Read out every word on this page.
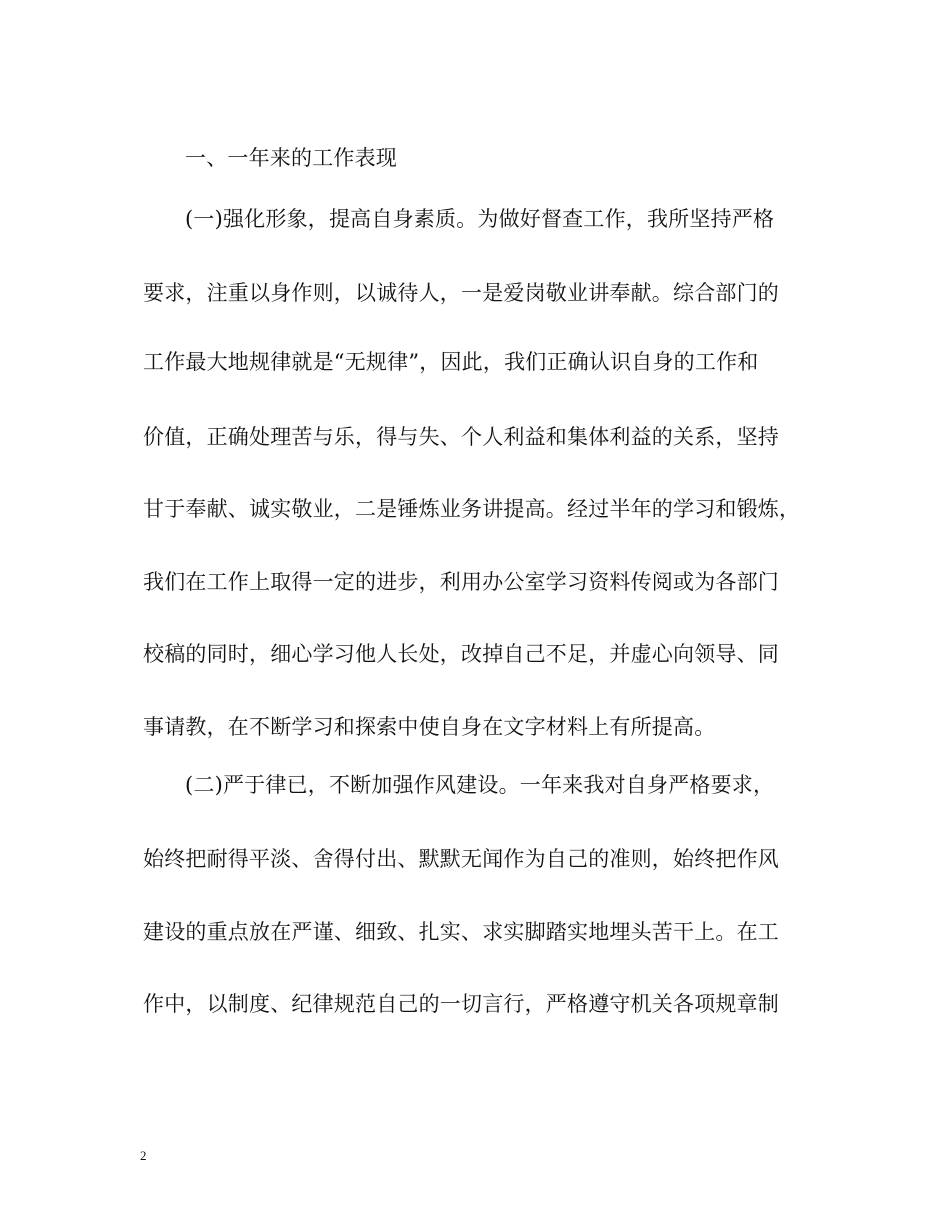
一、一年来的工作表现
(一)强化形象，提高自身素质。为做好督查工作，我所坚持严格
要求，注重以身作则，以诚待人，一是爱岗敬业讲奉献。综合部门的
工作最大地规律就是“无规律”，因此，我们正确认识自身的工作和
价值，正确处理苦与乐，得与失、个人利益和集体利益的关系，坚持
甘于奉献、诚实敬业，二是锤炼业务讲提高。经过半年的学习和锻炼，
我们在工作上取得一定的进步，利用办公室学习资料传阅或为各部门
校稿的同时，细心学习他人长处，改掉自己不足，并虚心向领导、同
事请教，在不断学习和探索中使自身在文字材料上有所提高。
(二)严于律已，不断加强作风建设。一年来我对自身严格要求，
始终把耐得平淡、舍得付出、默默无闻作为自己的准则，始终把作风
建设的重点放在严谨、细致、扎实、求实脚踏实地埋头苦干上。在工
作中，以制度、纪律规范自己的一切言行，严格遵守机关各项规章制
2
